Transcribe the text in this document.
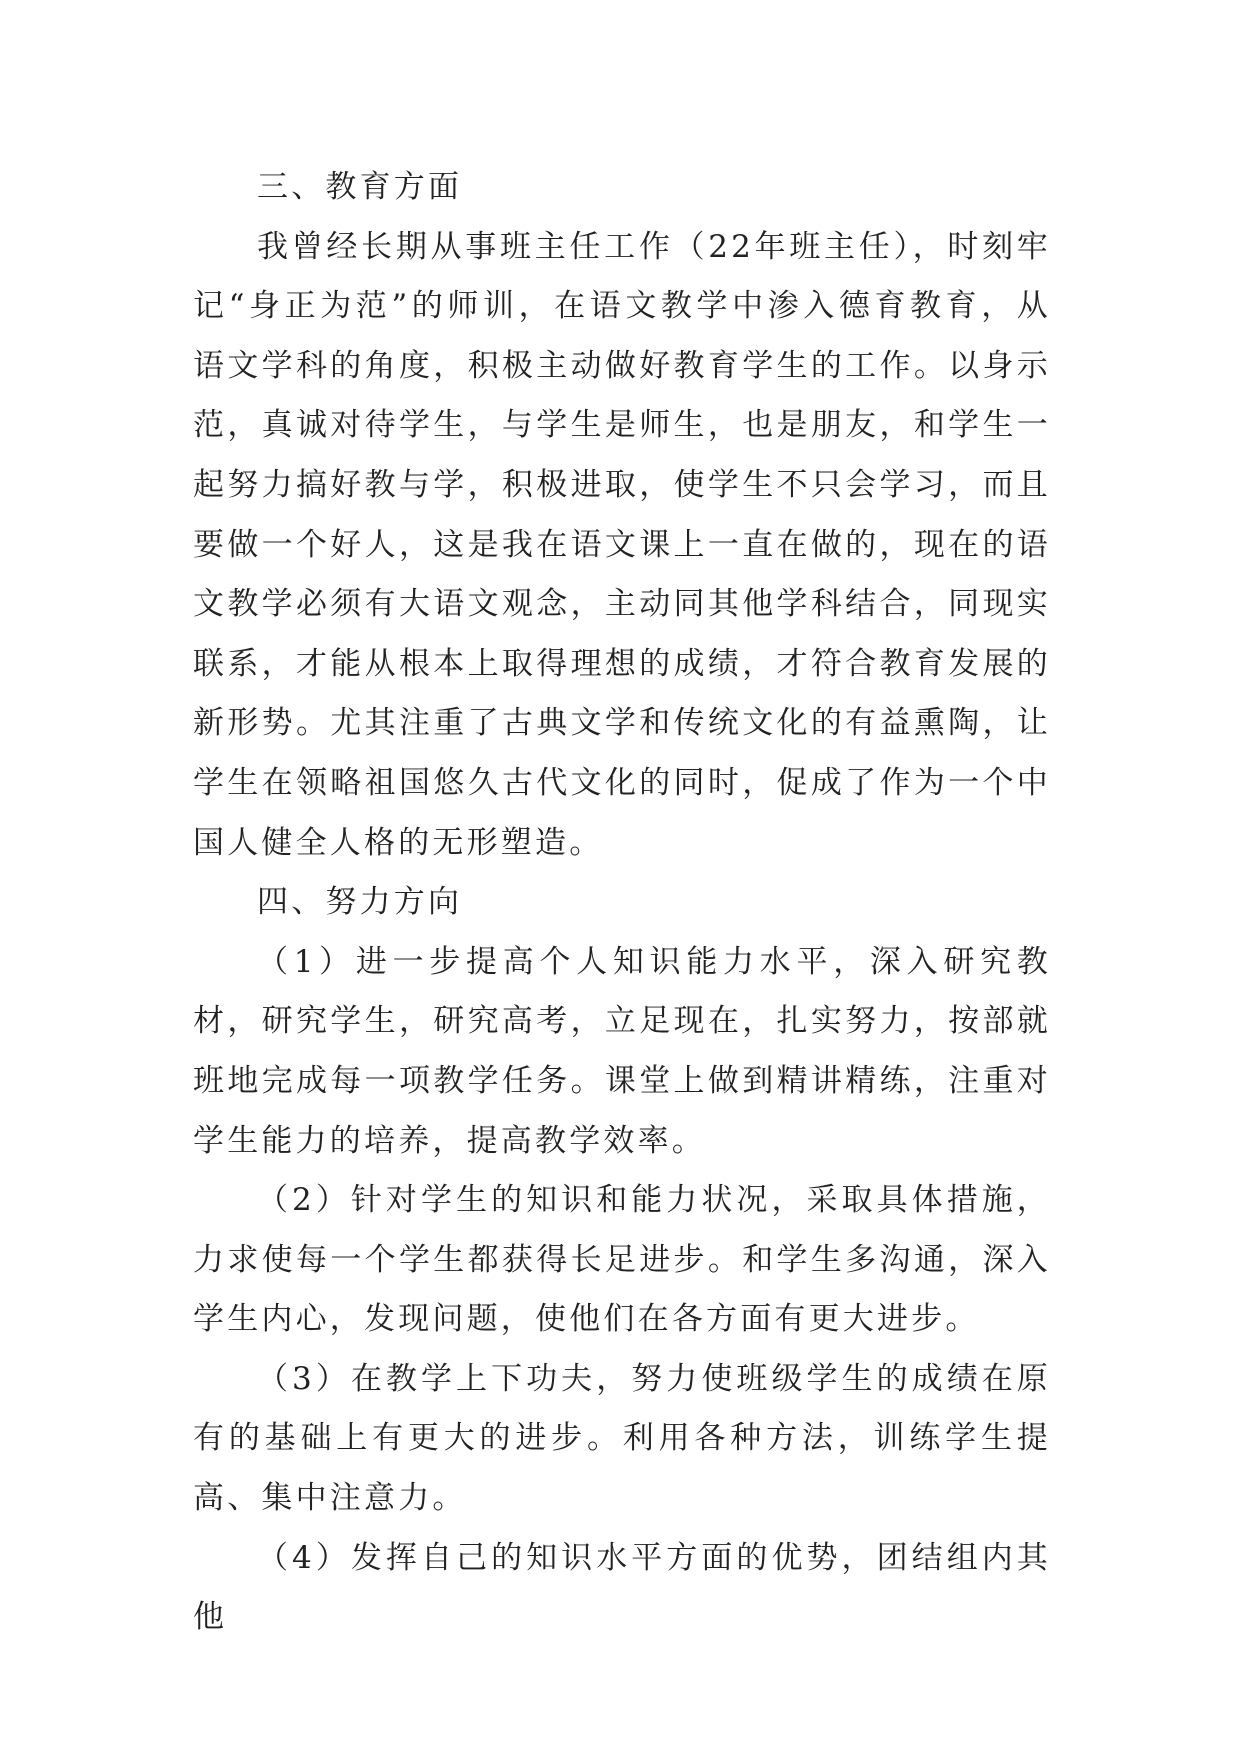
三、教育方面

我曾经长期从事班主任工作（22年班主任），时刻牢记“身正为范”的师训，在语文教学中渗入德育教育，从语文学科的角度，积极主动做好教育学生的工作。以身示范，真诚对待学生，与学生是师生，也是朋友，和学生一起努力搞好教与学，积极进取，使学生不只会学习，而且要做一个好人，这是我在语文课上一直在做的，现在的语文教学必须有大语文观念，主动同其他学科结合，同现实联系，才能从根本上取得理想的成绩，才符合教育发展的新形势。尤其注重了古典文学和传统文化的有益熏陶，让学生在领略祖国悠久古代文化的同时，促成了作为一个中国人健全人格的无形塑造。

四、努力方向

（1）进一步提高个人知识能力水平，深入研究教材，研究学生，研究高考，立足现在，扎实努力，按部就班地完成每一项教学任务。课堂上做到精讲精练，注重对学生能力的培养，提高教学效率。

（2）针对学生的知识和能力状况，采取具体措施，力求使每一个学生都获得长足进步。和学生多沟通，深入学生内心，发现问题，使他们在各方面有更大进步。

（3）在教学上下功夫，努力使班级学生的成绩在原有的基础上有更大的进步。利用各种方法，训练学生提高、集中注意力。

（4）发挥自己的知识水平方面的优势，团结组内其他
